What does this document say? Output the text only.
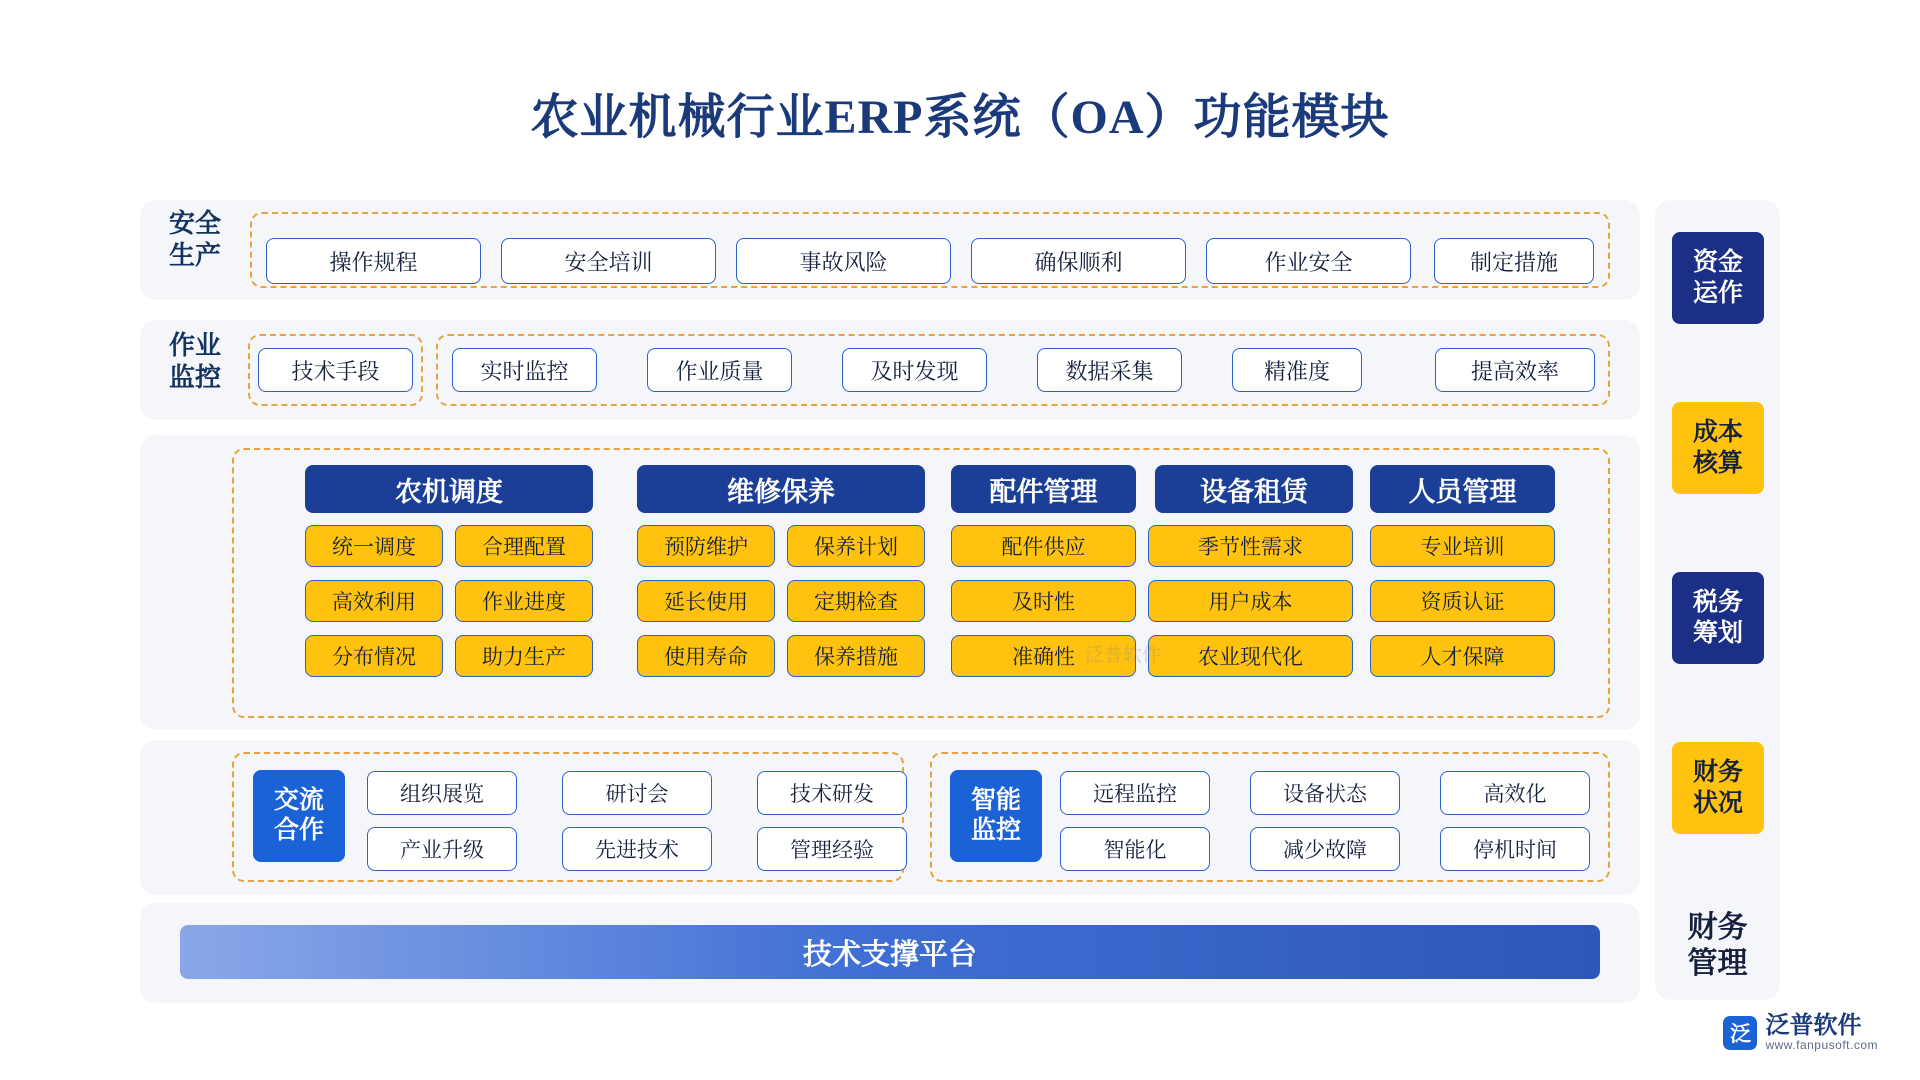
农业机械行业ERP系统（OA）功能模块
安全
生产	操作规程	安全培训	事故风险	确保顺利	作业安全	制定措施
作业
监控	技术手段	实时监控	作业质量	及时发现	数据采集	精准度	提高效率
农机调度
统一调度	合理配置
高效利用	作业进度
分布情况	助力生产
维修保养
预防维护	保养计划
延长使用	定期检查
使用寿命	保养措施
配件管理
配件供应
及时性
准确性
设备租赁
季节性需求
用户成本
农业现代化
人员管理
专业培训
资质认证
人才保障
泛普软件
交流
合作
组织展览	研讨会	技术研发
产业升级	先进技术	管理经验
智能
监控
远程监控	设备状态	高效化
智能化	减少故障	停机时间
技术支撑平台
资金
运作
成本
核算
税务
筹划
财务
状况
财务
管理
泛 泛普软件
www.fanpusoft.com
